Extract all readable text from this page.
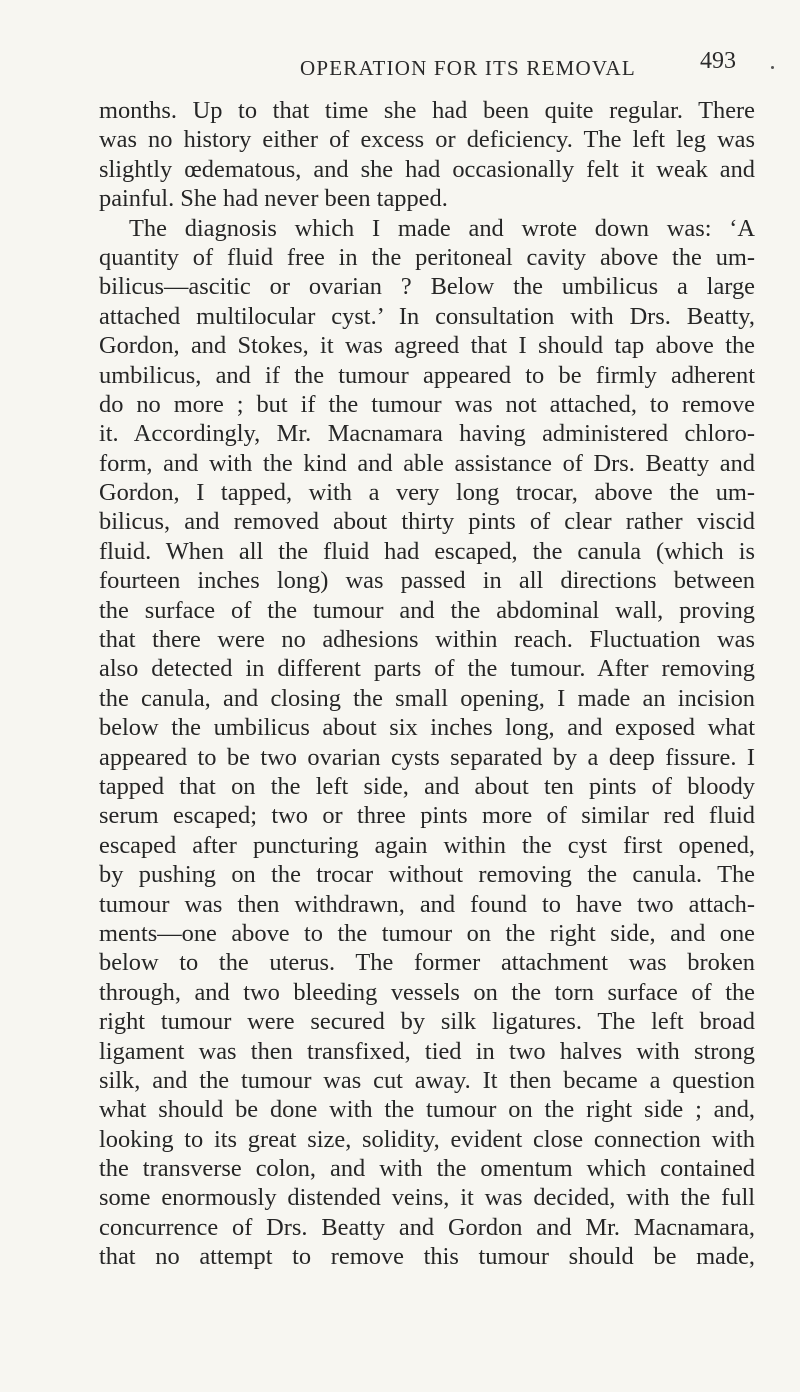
OPERATION FOR ITS REMOVAL	493
months. Up to that time she had been quite regular. There
was no history either of excess or deficiency. The left leg was
slightly œdematous, and she had occasionally felt it weak and
painful. She had never been tapped.
The diagnosis which I made and wrote down was: ‘A
quantity of fluid free in the peritoneal cavity above the um-
bilicus—ascitic or ovarian ? Below the umbilicus a large
attached multilocular cyst.’ In consultation with Drs. Beatty,
Gordon, and Stokes, it was agreed that I should tap above the
umbilicus, and if the tumour appeared to be firmly adherent
do no more ; but if the tumour was not attached, to remove
it. Accordingly, Mr. Macnamara having administered chloro-
form, and with the kind and able assistance of Drs. Beatty and
Gordon, I tapped, with a very long trocar, above the um-
bilicus, and removed about thirty pints of clear rather viscid
fluid. When all the fluid had escaped, the canula (which is
fourteen inches long) was passed in all directions between
the surface of the tumour and the abdominal wall, proving
that there were no adhesions within reach. Fluctuation was
also detected in different parts of the tumour. After removing
the canula, and closing the small opening, I made an incision
below the umbilicus about six inches long, and exposed what
appeared to be two ovarian cysts separated by a deep fissure. I
tapped that on the left side, and about ten pints of bloody
serum escaped; two or three pints more of similar red fluid
escaped after puncturing again within the cyst first opened,
by pushing on the trocar without removing the canula. The
tumour was then withdrawn, and found to have two attach-
ments—one above to the tumour on the right side, and one
below to the uterus. The former attachment was broken
through, and two bleeding vessels on the torn surface of the
right tumour were secured by silk ligatures. The left broad
ligament was then transfixed, tied in two halves with strong
silk, and the tumour was cut away. It then became a question
what should be done with the tumour on the right side ; and,
looking to its great size, solidity, evident close connection with
the transverse colon, and with the omentum which contained
some enormously distended veins, it was decided, with the full
concurrence of Drs. Beatty and Gordon and Mr. Macnamara,
that no attempt to remove this tumour should be made,
